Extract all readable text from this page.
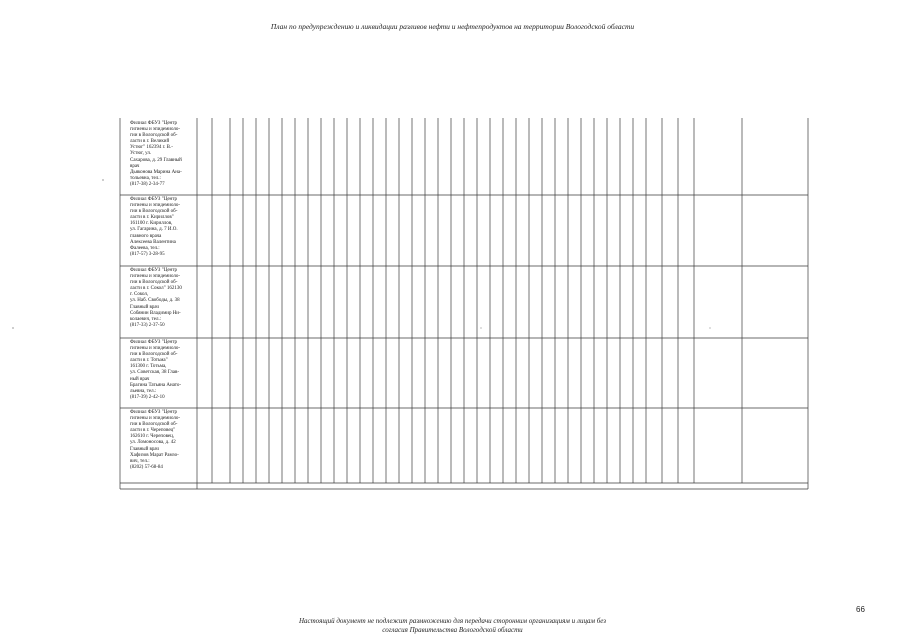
План по предупреждению и ликвидации разливов нефти и нефтепродуктов на территории Вологодской области
Филиал ФБУЗ "Центр
гигиены и эпидемиоло-
гии в Вологодской об-
ласти в г. Великий
Устюг" 162394 г. В.-
Устюг, ул.
Сахарова, д. 29 Главный
врач
Дьяконова Марина Ана-
тольевна, тел.:
(817-38) 2-34-77
Филиал ФБУЗ "Центр
гигиены и эпидемиоло-
гии в Вологодской об-
ласти в г. Кириллов"
161100 г. Кириллов,
ул. Гагарина, д. 7 И.О.
главного врача
Алексеева Валентина
Фалеева, тел.:
(817-57) 3-28-95
Филиал ФБУЗ "Центр
гигиены и эпидемиоло-
гии в Вологодской об-
ласти в г. Сокол" 162130
г. Сокол,
ул. Наб. Свободы, д. 38
Главный врач
Собянин Владимир Ни-
колаевич, тел.:
(817-33) 2-37-50
Филиал ФБУЗ "Центр
гигиены и эпидемиоло-
гии в Вологодской об-
ласти в г. Тотьма"
161300 г. Тотьма,
ул. Советская, 38 Глав-
ный врач
Брагина Татьяна Анато-
льевна, тел.:
(817-39) 2-42-10
Филиал ФБУЗ "Центр
гигиены и эпидемиоло-
гии в Вологодской об-
ласти в г. Череповец"
162610 г. Череповец,
ул. Ломоносова, д. 42
Главный врач
Хафизов Марат Рамзо-
вич, тел.:
(8202) 57-68-84
66
Настоящий документ не подлежит размножению для передачи сторонним организациям и лицам без
согласия Правительства Вологодской области
